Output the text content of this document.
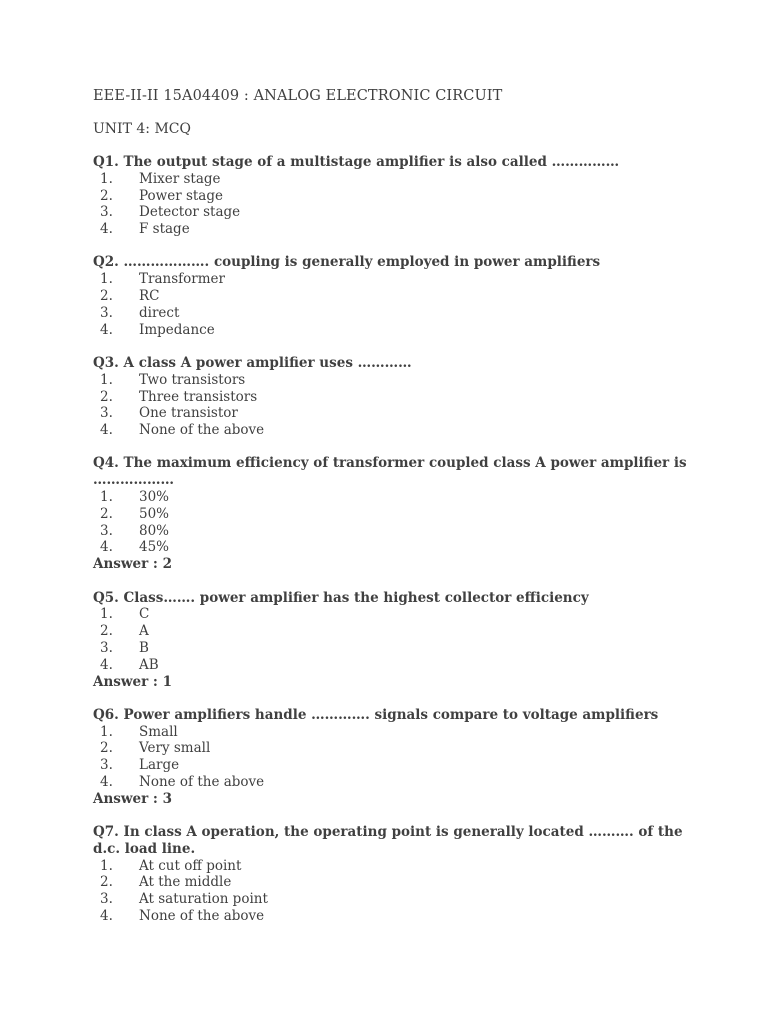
EEE-II-II 15A04409 : ANALOG ELECTRONIC CIRCUIT
UNIT 4: MCQ

Q1. The output stage of a multistage amplifier is also called ……………

1.	Mixer stage
2.	Power stage
3.	Detector stage
4.	F stage

Q2. ………………. coupling is generally employed in power amplifiers

1.	Transformer
2.	RC
3.	direct
4.	Impedance

Q3. A class A power amplifier uses …………

1.	Two transistors
2.	Three transistors
3.	One transistor
4.	None of the above

Q4. The maximum efficiency of transformer coupled class A power amplifier is ………………

1.	30%
2.	50%
3.	80%
4.	45%

Answer : 2

Q5. Class……. power amplifier has the highest collector efficiency

1.	C
2.	A
3.	B
4.	AB

Answer : 1

Q6. Power amplifiers handle …………. signals compare to voltage amplifiers

1.	Small
2.	Very small
3.	Large
4.	None of the above

Answer : 3

Q7. In class A operation, the operating point is generally located ………. of the d.c. load line.

1.	At cut off point
2.	At the middle
3.	At saturation point
4.	None of the above
